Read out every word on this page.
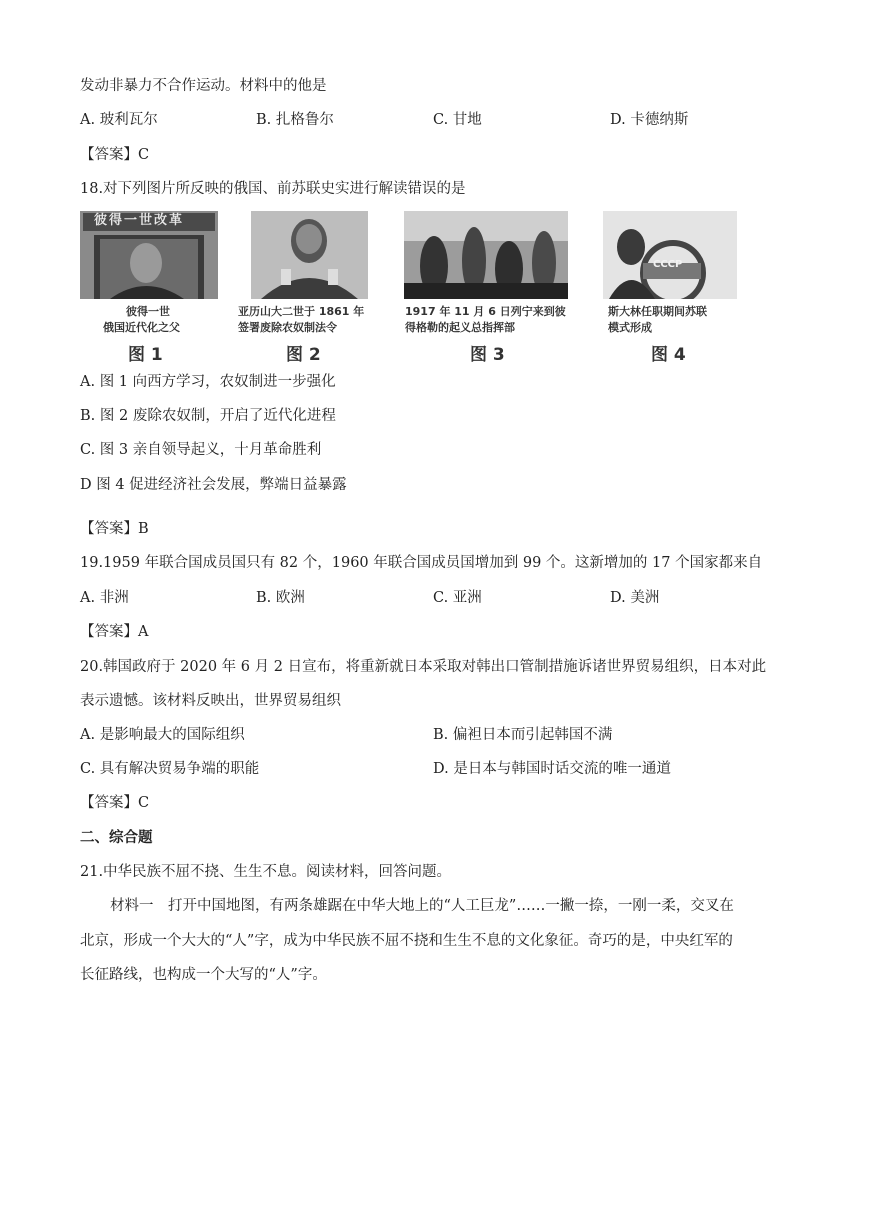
发动非暴力不合作运动。材料中的他是
A. 玻利瓦尔	B. 扎格鲁尔	C. 甘地	D. 卡德纳斯
【答案】C
18.对下列图片所反映的俄国、前苏联史实进行解读错误的是
彼得一世改革
彼得一世
俄国近代化之父
图 1
亚历山大二世于 1861 年
签署废除农奴制法令
图 2
1917 年 11 月 6 日列宁来到彼
得格勒的起义总指挥部
图 3
CCCP
斯大林任职期间苏联
模式形成
图 4
A. 图 1 向西方学习，农奴制进一步强化
B. 图 2 废除农奴制，开启了近代化进程
C. 图 3 亲自领导起义，十月革命胜利
D 图 4 促进经济社会发展，弊端日益暴露
【答案】B
19.1959 年联合国成员国只有 82 个，1960 年联合国成员国增加到 99 个。这新增加的 17 个国家都来自
A. 非洲	B. 欧洲	C. 亚洲	D. 美洲
【答案】A
20.韩国政府于 2020 年 6 月 2 日宣布，将重新就日本采取对韩出口管制措施诉诸世界贸易组织，日本对此
表示遗憾。该材料反映出，世界贸易组织
A. 是影响最大的国际组织	B. 偏袒日本而引起韩国不满
C. 具有解决贸易争端的职能	D. 是日本与韩国时话交流的唯一通道
【答案】C
二、综合题
21.中华民族不屈不挠、生生不息。阅读材料，回答问题。
材料一　打开中国地图，有两条雄踞在中华大地上的“人工巨龙”……一撇一捺，一刚一柔，交叉在
北京，形成一个大大的“人”字，成为中华民族不屈不挠和生生不息的文化象征。奇巧的是，中央红军的
长征路线，也构成一个大写的“人”字。
